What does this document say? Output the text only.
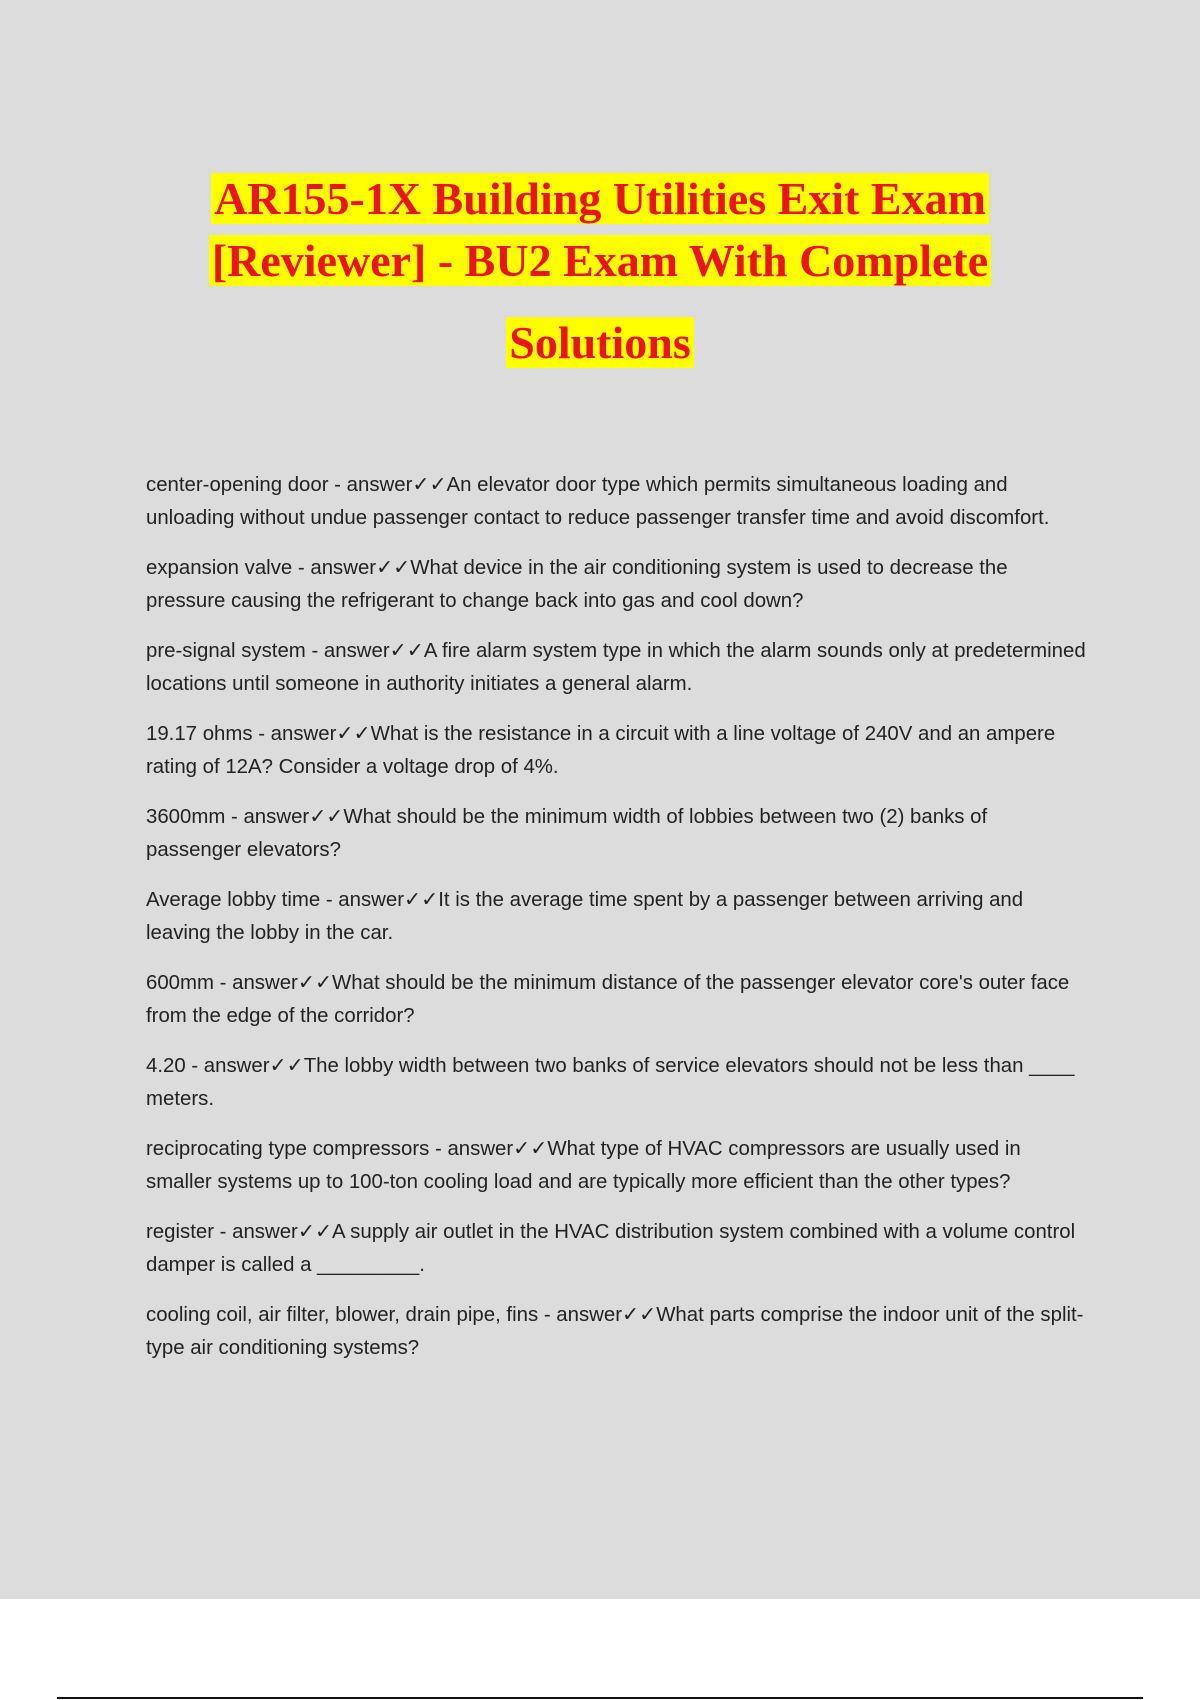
AR155-1X Building Utilities Exit Exam
[Reviewer] - BU2 Exam With Complete
Solutions
center-opening door - answer✓✓An elevator door type which permits simultaneous loading and unloading without undue passenger contact to reduce passenger transfer time and avoid discomfort.
expansion valve - answer✓✓What device in the air conditioning system is used to decrease the pressure causing the refrigerant to change back into gas and cool down?
pre-signal system - answer✓✓A fire alarm system type in which the alarm sounds only at predetermined locations until someone in authority initiates a general alarm.
19.17 ohms - answer✓✓What is the resistance in a circuit with a line voltage of 240V and an ampere rating of 12A? Consider a voltage drop of 4%.
3600mm - answer✓✓What should be the minimum width of lobbies between two (2) banks of passenger elevators?
Average lobby time - answer✓✓It is the average time spent by a passenger between arriving and leaving the lobby in the car.
600mm - answer✓✓What should be the minimum distance of the passenger elevator core's outer face from the edge of the corridor?
4.20 - answer✓✓The lobby width between two banks of service elevators should not be less than ____ meters.
reciprocating type compressors - answer✓✓What type of HVAC compressors are usually used in smaller systems up to 100-ton cooling load and are typically more efficient than the other types?
register - answer✓✓A supply air outlet in the HVAC distribution system combined with a volume control damper is called a _________.
cooling coil, air filter, blower, drain pipe, fins - answer✓✓What parts comprise the indoor unit of the split-type air conditioning systems?
